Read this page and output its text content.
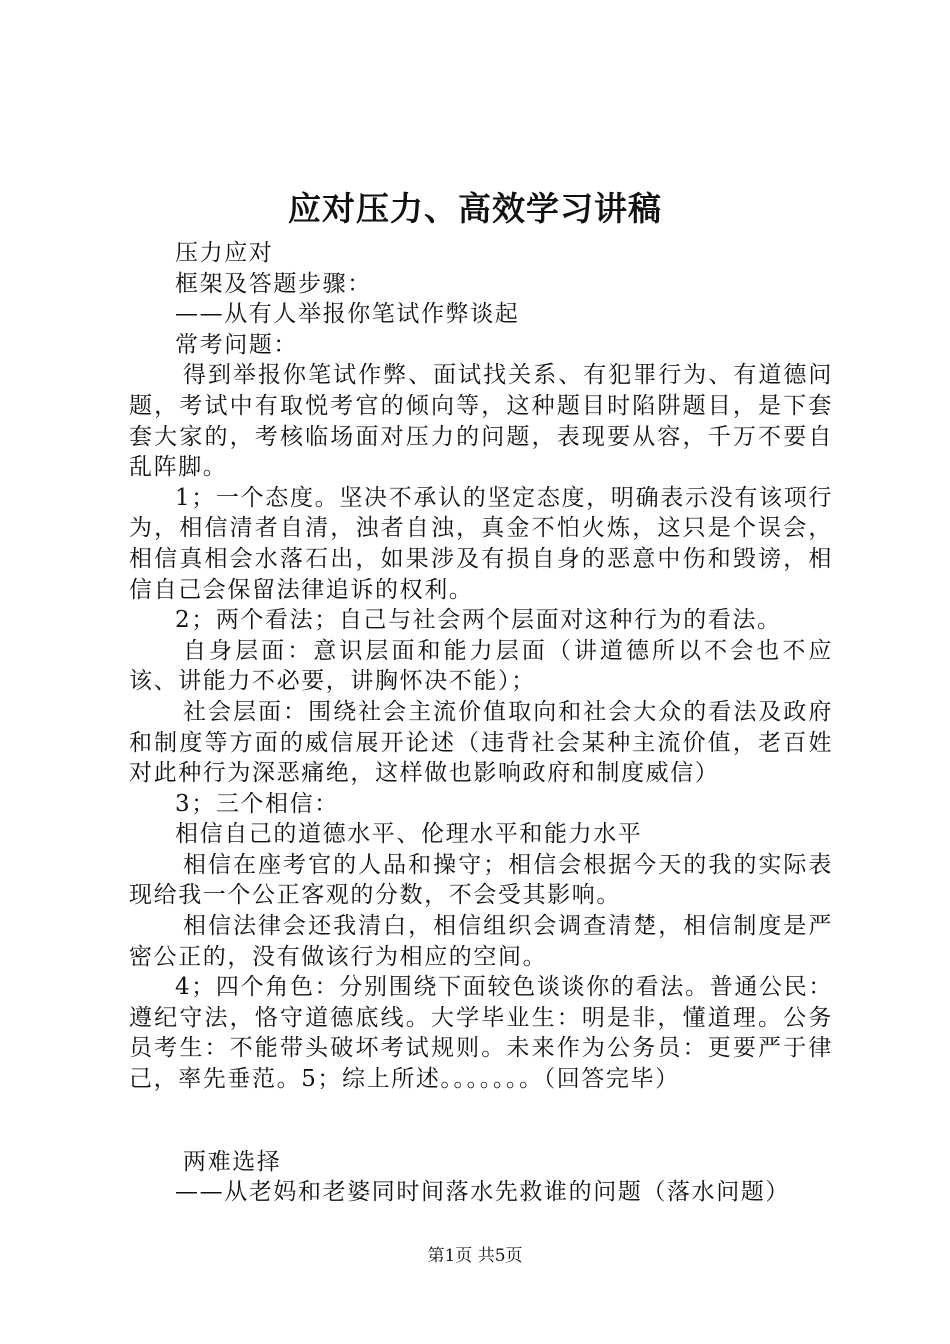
应对压力、高效学习讲稿

压力应对

框架及答题步骤：

——从有人举报你笔试作弊谈起

常考问题：

得到举报你笔试作弊、面试找关系、有犯罪行为、有道德问题，考试中有取悦考官的倾向等，这种题目时陷阱题目，是下套套大家的，考核临场面对压力的问题，表现要从容，千万不要自乱阵脚。

1；一个态度。坚决不承认的坚定态度，明确表示没有该项行为，相信清者自清，浊者自浊，真金不怕火炼，这只是个误会，相信真相会水落石出，如果涉及有损自身的恶意中伤和毁谤，相信自己会保留法律追诉的权利。

2；两个看法；自己与社会两个层面对这种行为的看法。

自身层面：意识层面和能力层面（讲道德所以不会也不应该、讲能力不必要，讲胸怀决不能）；

社会层面：围绕社会主流价值取向和社会大众的看法及政府和制度等方面的威信展开论述（违背社会某种主流价值，老百姓对此种行为深恶痛绝，这样做也影响政府和制度威信）

3；三个相信：

相信自己的道德水平、伦理水平和能力水平

相信在座考官的人品和操守；相信会根据今天的我的实际表现给我一个公正客观的分数，不会受其影响。

相信法律会还我清白，相信组织会调查清楚，相信制度是严密公正的，没有做该行为相应的空间。

4；四个角色：分别围绕下面较色谈谈你的看法。普通公民：遵纪守法，恪守道德底线。大学毕业生：明是非，懂道理。公务员考生：不能带头破坏考试规则。未来作为公务员：更要严于律己，率先垂范。5；综上所述。。。。。。。（回答完毕）

两难选择

——从老妈和老婆同时间落水先救谁的问题（落水问题）

第1页 共5页
